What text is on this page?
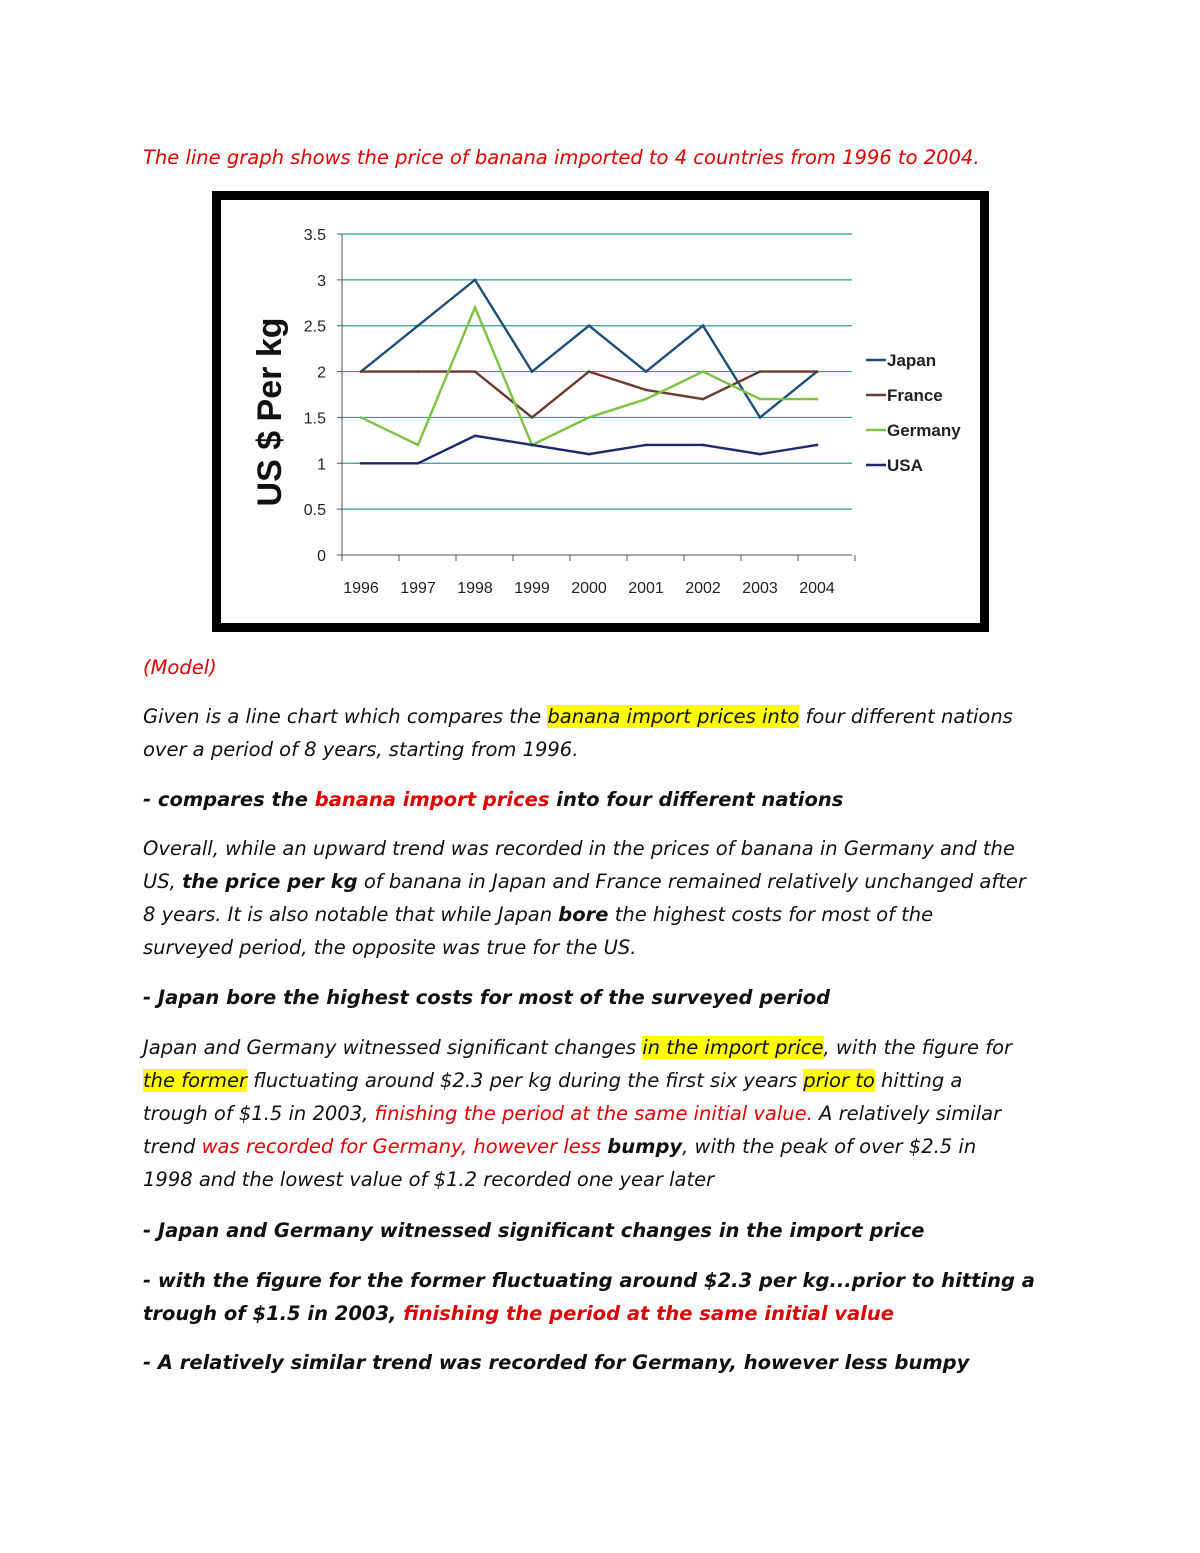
The line graph shows the price of banana imported to 4 countries from 1996 to 2004.
0
0.5
1
1.5
2
2.5
3
3.5
1996 1997 1998 1999 2000 2001 2002 2003 2004
US $ Per kg	Japan
France
Germany
USA
(Model)
Given is a line chart which compares the banana import prices into four different nations
over a period of 8 years, starting from 1996.
- compares the banana import prices into four different nations
Overall, while an upward trend was recorded in the prices of banana in Germany and the
US, the price per kg of banana in Japan and France remained relatively unchanged after
8 years. It is also notable that while Japan bore the highest costs for most of the
surveyed period, the opposite was true for the US.
- Japan bore the highest costs for most of the surveyed period
Japan and Germany witnessed significant changes in the import price, with the figure for
the former fluctuating around $2.3 per kg during the first six years prior to hitting a
trough of $1.5 in 2003, finishing the period at the same initial value. A relatively similar
trend was recorded for Germany, however less bumpy, with the peak of over $2.5 in
1998 and the lowest value of $1.2 recorded one year later
- Japan and Germany witnessed significant changes in the import price
- with the figure for the former fluctuating around $2.3 per kg...prior to hitting a
trough of $1.5 in 2003, finishing the period at the same initial value
- A relatively similar trend was recorded for Germany, however less bumpy
